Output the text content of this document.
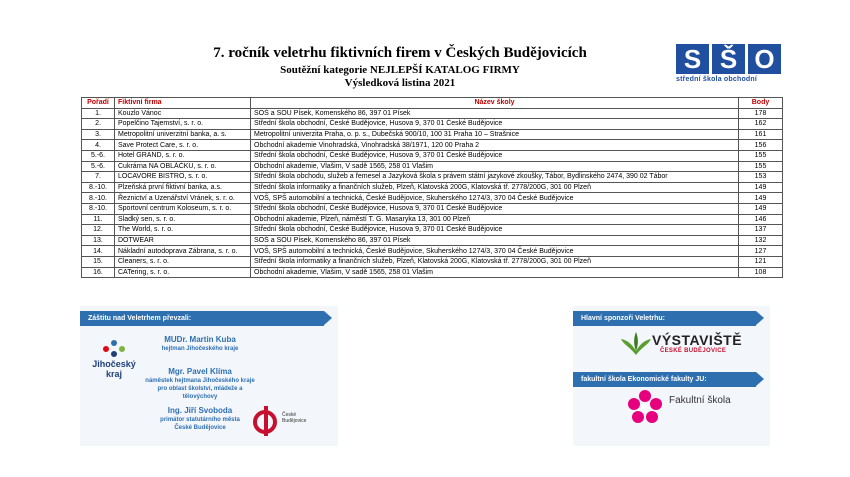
7. ročník veletrhu fiktivních firem v Českých Budějovicích
Soutěžní kategorie NEJLEPŠÍ KATALOG FIRMY
Výsledková listina 2021
S Š O
střední škola obchodní
Pořadí	Fiktivní firma	Název školy	Body
1.	Kouzlo Vánoc	SOŠ a SOU Písek, Komenského 86, 397 01 Písek	178
2.	Popelčino Tajemství, s. r. o.	Střední škola obchodní, České Budějovice, Husova 9, 370 01 České Budějovice	162
3.	Metropolitní univerzitní banka, a. s.	Metropolitní univerzita Praha, o. p. s., Dubečská 900/10, 100 31 Praha 10 – Strašnice	161
4.	Save Protect Care, s. r. o.	Obchodní akademie Vinohradská, Vinohradská 38/1971, 120 00 Praha 2	156
5.-6.	Hotel GRAND, s. r. o.	Střední škola obchodní, České Budějovice, Husova 9, 370 01 České Budějovice	155
5.-6.	Cukrárna NA OBLÁČKU, s. r. o.	Obchodní akademie, Vlašim, V sadě 1565, 258 01 Vlašim	155
7.	LOCAVORE BISTRO, s. r. o.	Střední škola obchodu, služeb a řemesel a Jazyková škola s právem státní jazykové zkoušky, Tábor, Bydlinského 2474, 390 02 Tábor	153
8.-10.	Plzeňská první fiktivní banka, a.s.	Střední škola informatiky a finančních služeb, Plzeň, Klatovská 200G, Klatovská tř. 2778/200G, 301 00 Plzeň	149
8.-10.	Řeznictví a Uzenářství Vránek, s. r. o.	VOŠ, SPŠ automobilní a technická, České Budějovice, Skuherského 1274/3, 370 04 České Budějovice	149
8.-10.	Sportovní centrum Koloseum, s. r. o.	Střední škola obchodní, České Budějovice, Husova 9, 370 01 České Budějovice	149
11.	Sladký sen, s. r. o.	Obchodní akademie, Plzeň, náměstí T. G. Masaryka 13, 301 00 Plzeň	146
12.	The World, s. r. o.	Střední škola obchodní, České Budějovice, Husova 9, 370 01 České Budějovice	137
13.	DOTWEAR	SOŠ a SOU Písek, Komenského 86, 397 01 Písek	132
14.	Nákladní autodoprava Zábrana, s. r. o.	VOŠ, SPŠ automobilní a technická, České Budějovice, Skuherského 1274/3, 370 04 České Budějovice	127
15.	Cleaners, s. r. o.	Střední škola informatiky a finančních služeb, Plzeň, Klatovská 200G, Klatovská tř. 2778/200G, 301 00 Plzeň	121
16.	CATering, s. r. o.	Obchodní akademie, Vlašim, V sadě 1565, 258 01 Vlašim	108
Záštitu nad Veletrhem převzali:
Jihočeský kraj
MUDr. Martin Kuba
hejtman Jihočeského kraje
Mgr. Pavel Klíma
náměstek hejtmana Jihočeského kraje pro oblast školství, mládeže a tělovýchovy
Ing. Jiří Svoboda
primátor statutárního města České Budějovice
České Budějovice
Hlavní sponzoři Veletrhu:
VÝSTAVIŠTĚ
ČESKÉ BUDĚJOVICE
fakultní škola Ekonomické fakulty JU:
Fakultní škola
